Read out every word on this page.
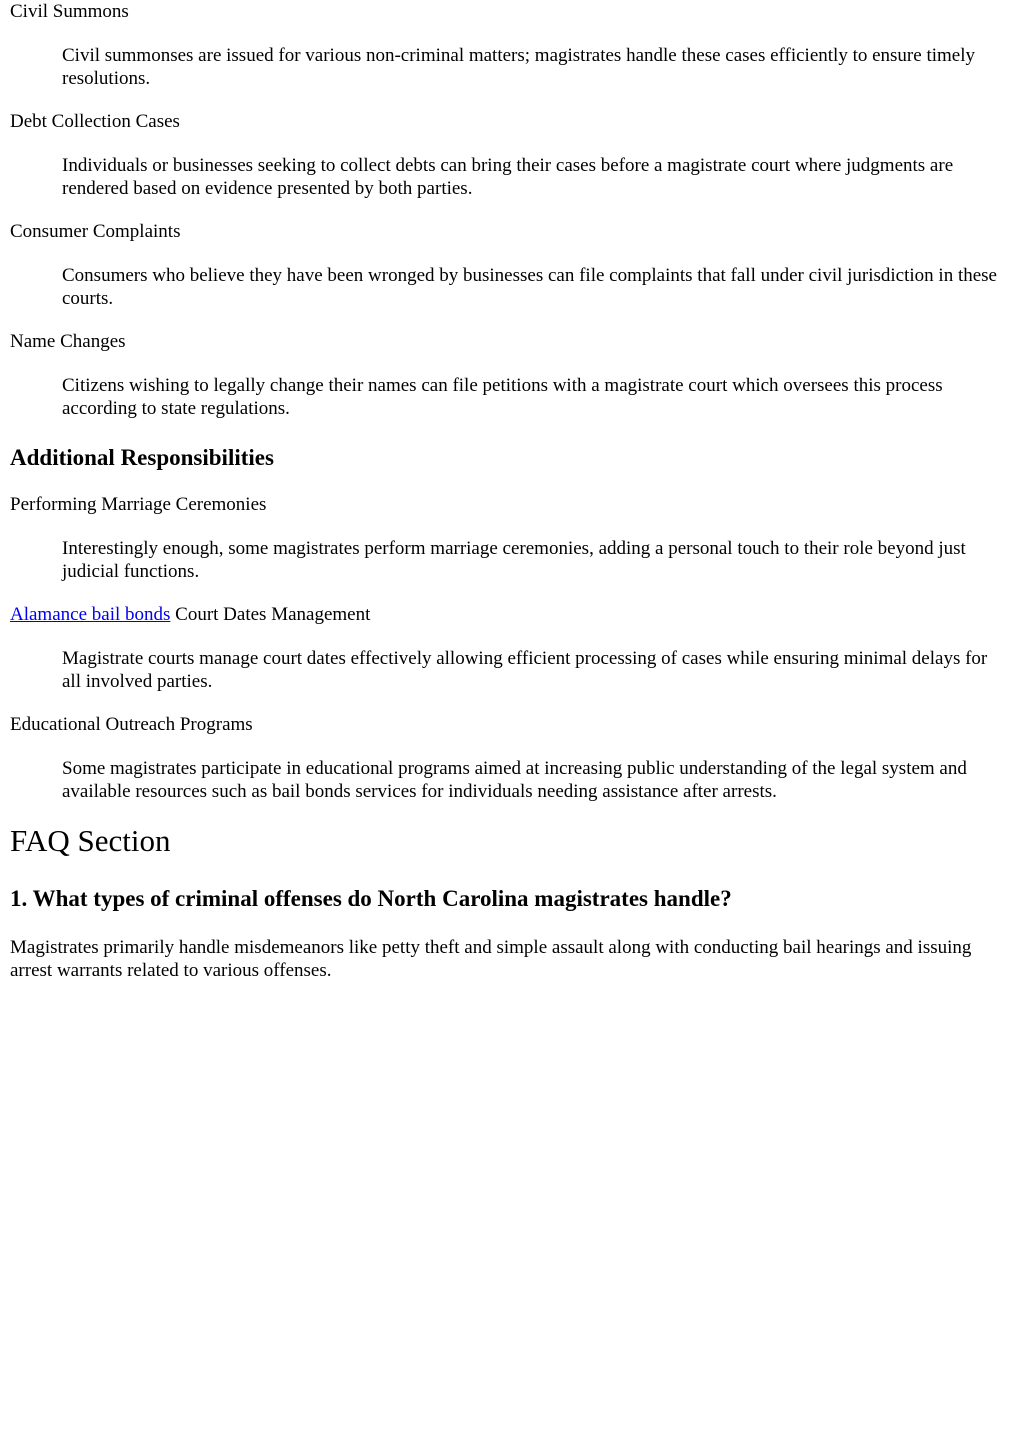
Civil Summons

Civil summonses are issued for various non-criminal matters; magistrates handle these cases efficiently to ensure timely resolutions.

Debt Collection Cases

Individuals or businesses seeking to collect debts can bring their cases before a magistrate court where judgments are rendered based on evidence presented by both parties.

Consumer Complaints

Consumers who believe they have been wronged by businesses can file complaints that fall under civil jurisdiction in these courts.

Name Changes

Citizens wishing to legally change their names can file petitions with a magistrate court which oversees this process according to state regulations.

Additional Responsibilities

Performing Marriage Ceremonies

Interestingly enough, some magistrates perform marriage ceremonies, adding a personal touch to their role beyond just judicial functions.

Alamance bail bonds Court Dates Management

Magistrate courts manage court dates effectively allowing efficient processing of cases while ensuring minimal delays for all involved parties.

Educational Outreach Programs

Some magistrates participate in educational programs aimed at increasing public understanding of the legal system and available resources such as bail bonds services for individuals needing assistance after arrests.

FAQ Section
1. What types of criminal offenses do North Carolina magistrates handle?

Magistrates primarily handle misdemeanors like petty theft and simple assault along with conducting bail hearings and issuing arrest warrants related to various offenses.
